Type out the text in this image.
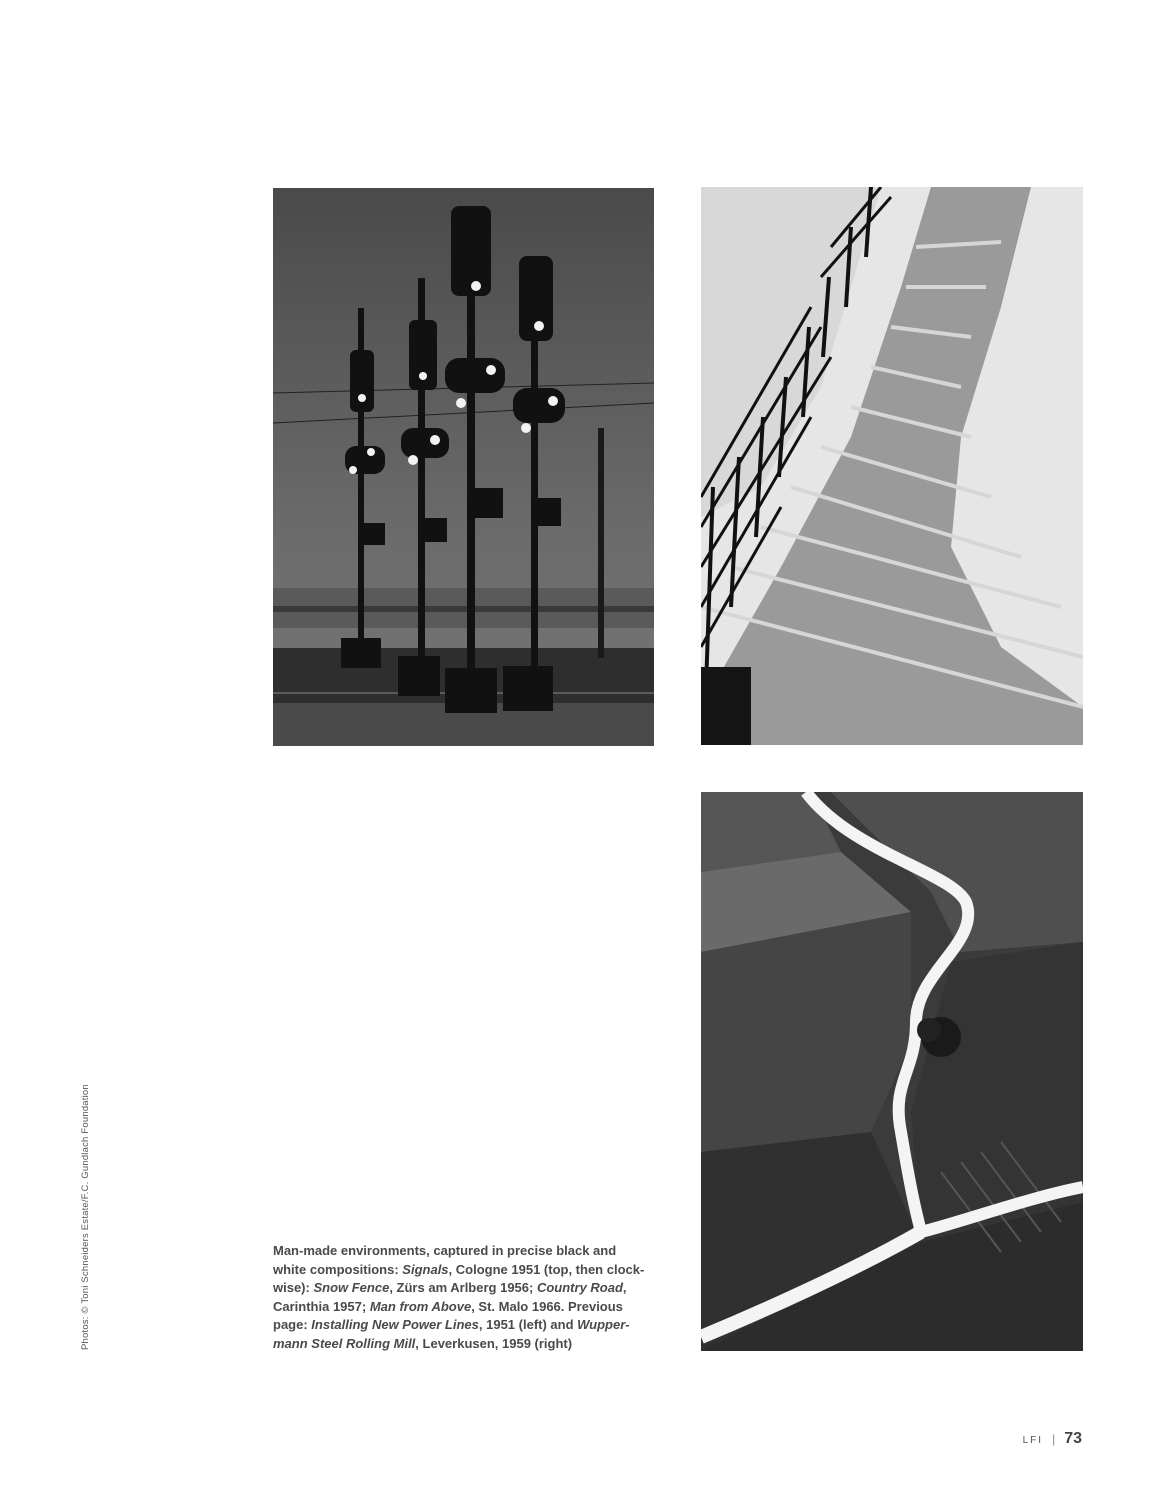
Man-made environments, captured in precise black and white compositions: Signals, Cologne 1951 (top, then clock-wise): Snow Fence, Zürs am Arlberg 1956; Country Road, Carinthia 1957; Man from Above, St. Malo 1966. Previous page: Installing New Power Lines, 1951 (left) and Wupper-mann Steel Rolling Mill, Leverkusen, 1959 (right)
Photos: © Toni Schneiders Estate/F.C. Gundlach Foundation
LFI | 73
